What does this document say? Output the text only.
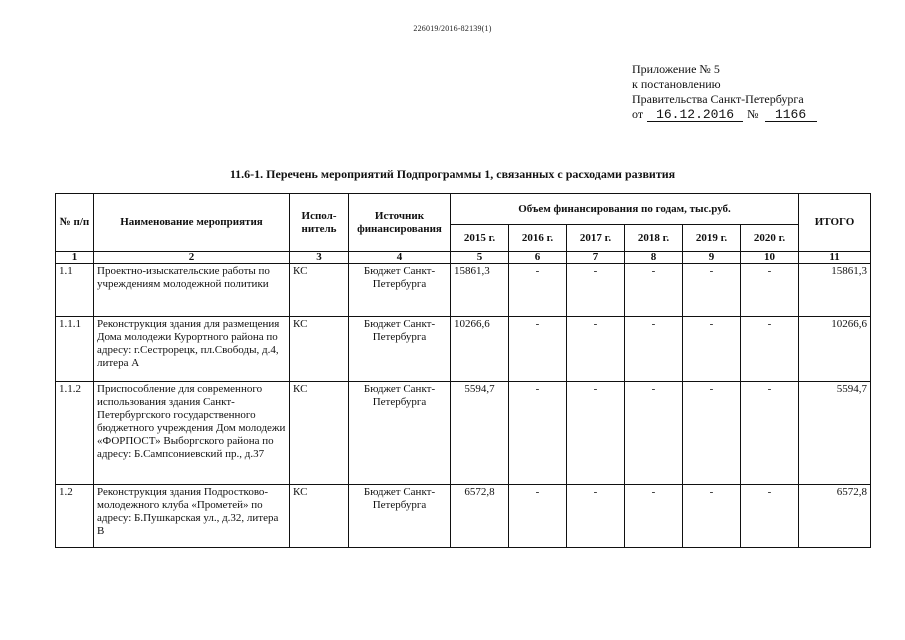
226019/2016-82139(1)
Приложение № 5
к постановлению
Правительства Санкт-Петербурга
от 16.12.2016 № 1166
11.6-1. Перечень мероприятий Подпрограммы 1, связанных с расходами развития
№ п/п	Наименование мероприятия	Испол-нитель	Источник финансирования	Объем финансирования по годам, тыс.руб.						ИТОГО
				2015 г.	2016 г.	2017 г.	2018 г.	2019 г.	2020 г.	
1	2	3	4	5	6	7	8	9	10	11
1.1	Проектно-изыскательские работы по учреждениям молодежной политики	КС	Бюджет Санкт-Петербурга	15861,3	-	-	-	-	-	15861,3
1.1.1	Реконструкция здания для размещения Дома молодежи Курортного района по адресу: г.Сестрорецк, пл.Свободы, д.4, литера А	КС	Бюджет Санкт-Петербурга	10266,6	-	-	-	-	-	10266,6
1.1.2	Приспособление для современного использования здания Санкт-Петербургского государственного бюджетного учреждения Дом молодежи «ФОРПОСТ» Выборгского района по адресу: Б.Сампсониевский пр., д.37	КС	Бюджет Санкт-Петербурга	5594,7	-	-	-	-	-	5594,7
1.2	Реконструкция здания Подростково-молодежного клуба «Прометей» по адресу: Б.Пушкарская ул., д.32, литера В	КС	Бюджет Санкт-Петербурга	6572,8	-	-	-	-	-	6572,8
